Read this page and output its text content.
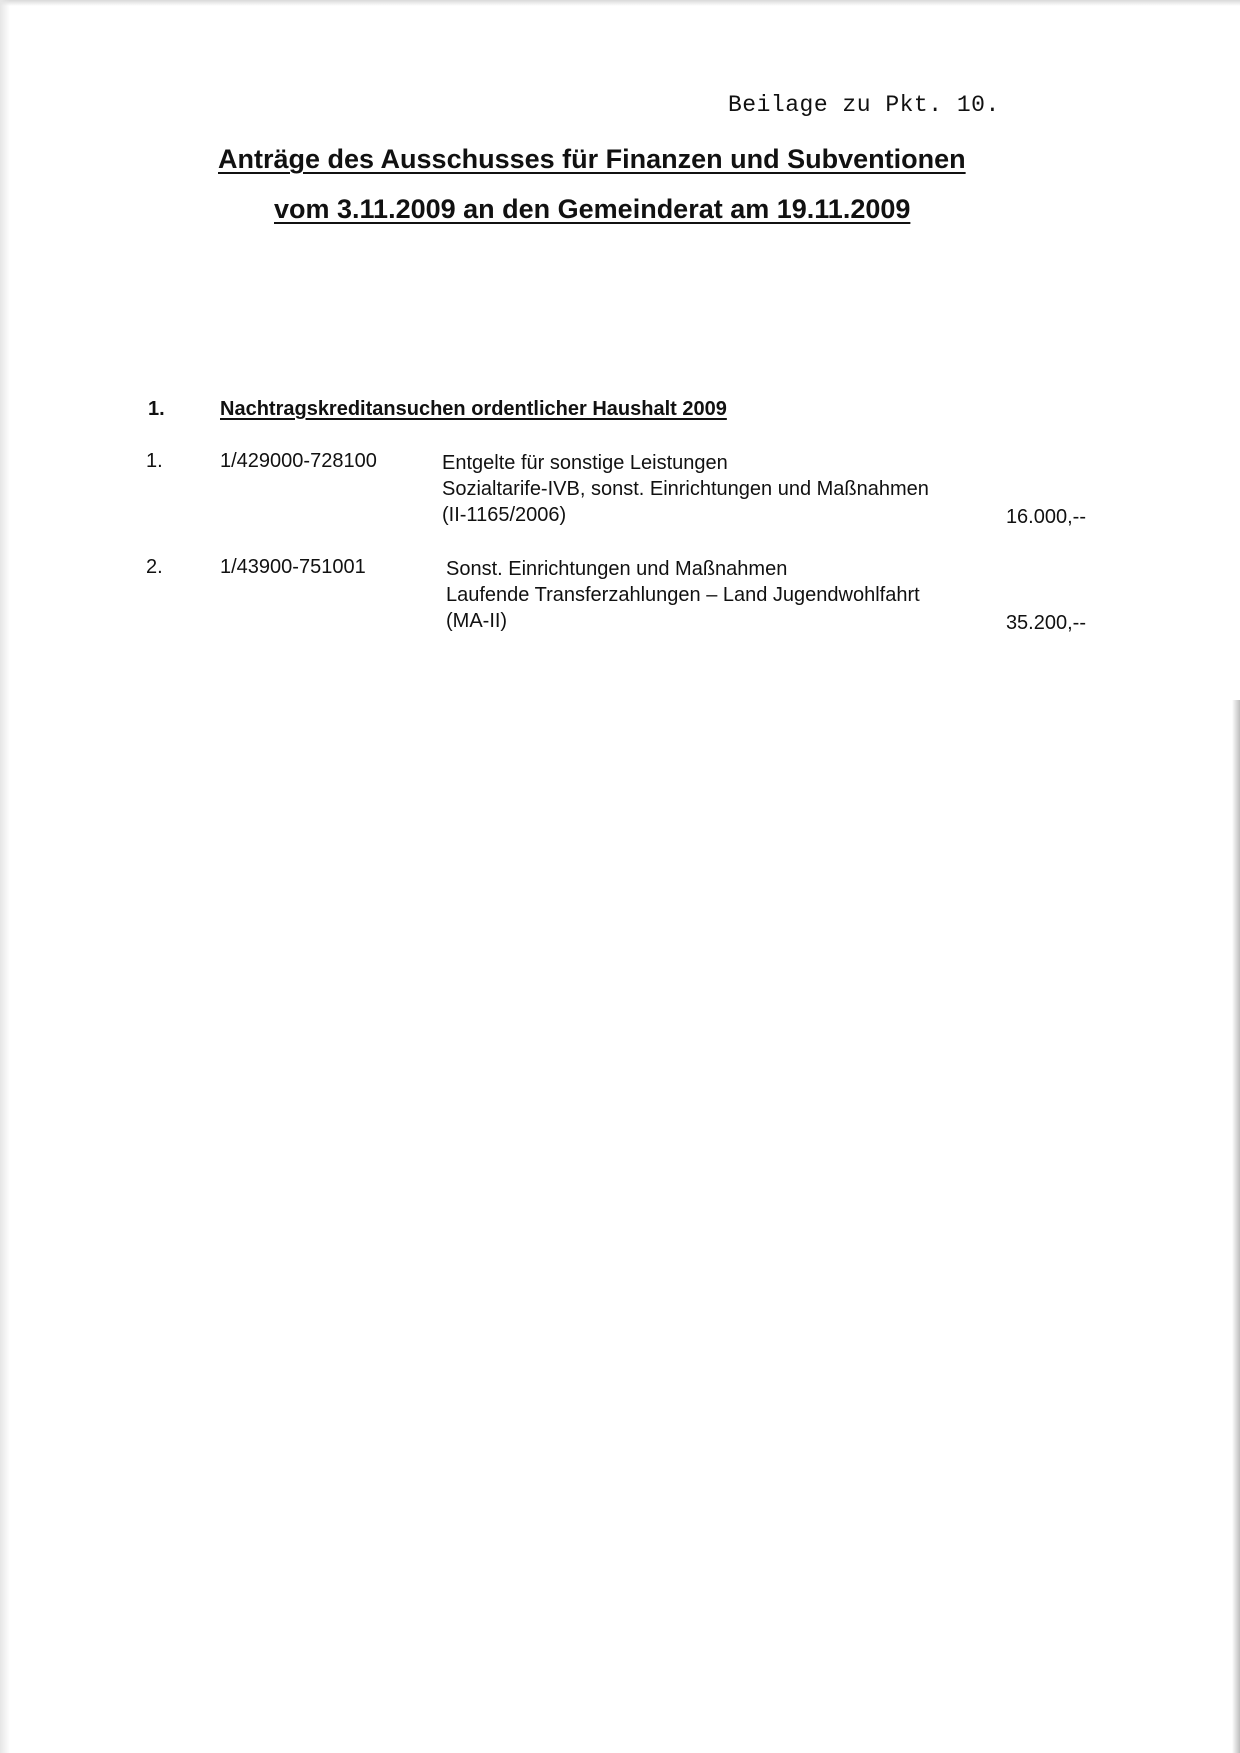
Beilage zu Pkt. 10.
Anträge des Ausschusses für Finanzen und Subventionen
vom 3.11.2009 an den Gemeinderat am 19.11.2009
1.	Nachtragskreditansuchen ordentlicher Haushalt 2009
1.	1/429000-728100	Entgelte für sonstige Leistungen
Sozialtarife-IVB, sonst. Einrichtungen und Maßnahmen
(II-1165/2006)	16.000,--
2.	1/43900-751001	Sonst. Einrichtungen und Maßnahmen
Laufende Transferzahlungen – Land Jugendwohlfahrt
(MA-II)	35.200,--
